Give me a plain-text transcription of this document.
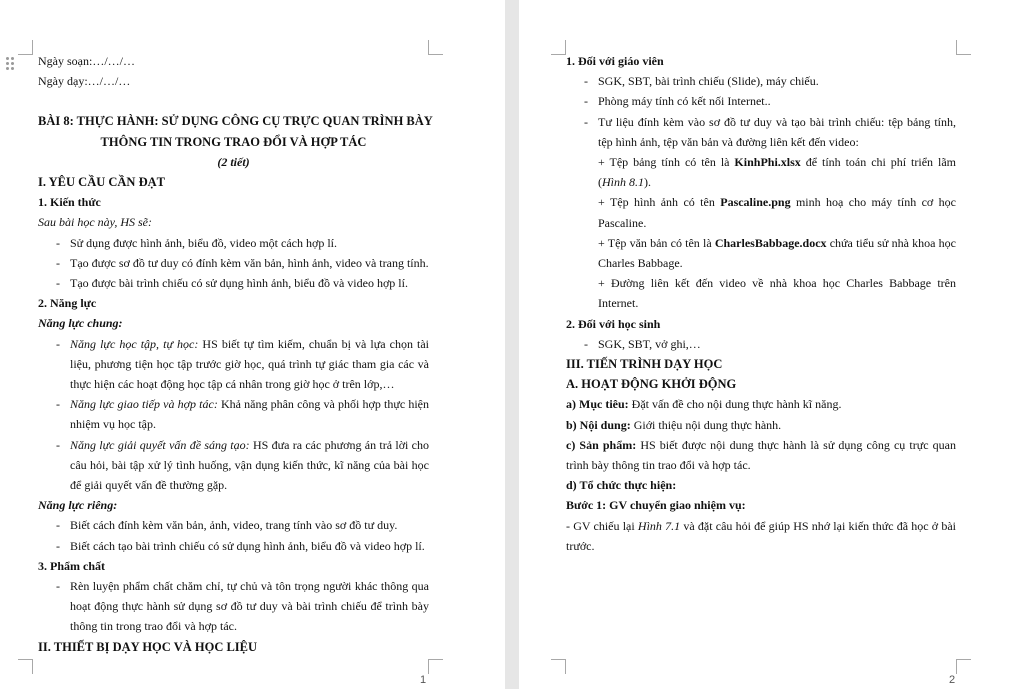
Ngày soạn:…/…/…
Ngày dạy:…/…/…
BÀI 8: THỰC HÀNH: SỬ DỤNG CÔNG CỤ TRỰC QUAN TRÌNH BÀY
THÔNG TIN TRONG TRAO ĐỔI VÀ HỢP TÁC
(2 tiết)
I. YÊU CẦU CẦN ĐẠT
1. Kiến thức
Sau bài học này, HS sẽ:
- Sử dụng được hình ảnh, biểu đồ, video một cách hợp lí.
- Tạo được sơ đồ tư duy có đính kèm văn bản, hình ảnh, video và trang tính.
- Tạo được bài trình chiếu có sử dụng hình ảnh, biểu đồ và video hợp lí.
2. Năng lực
Năng lực chung:
- Năng lực học tập, tự học: HS biết tự tìm kiếm, chuẩn bị và lựa chọn tài liệu, phương tiện học tập trước giờ học, quá trình tự giác tham gia các và thực hiện các hoạt động học tập cá nhân trong giờ học ở trên lớp,…
- Năng lực giao tiếp và hợp tác: Khả năng phân công và phối hợp thực hiện nhiệm vụ học tập.
- Năng lực giải quyết vấn đề sáng tạo: HS đưa ra các phương án trả lời cho câu hỏi, bài tập xử lý tình huống, vận dụng kiến thức, kĩ năng của bài học để giải quyết vấn đề thường gặp.
Năng lực riêng:
- Biết cách đính kèm văn bản, ảnh, video, trang tính vào sơ đồ tư duy.
- Biết cách tạo bài trình chiếu có sử dụng hình ảnh, biểu đồ và video hợp lí.
3. Phẩm chất
- Rèn luyện phẩm chất chăm chỉ, tự chủ và tôn trọng người khác thông qua hoạt động thực hành sử dụng sơ đồ tư duy và bài trình chiếu để trình bày thông tin trong trao đổi và hợp tác.
II. THIẾT BỊ DẠY HỌC VÀ HỌC LIỆU
1
1. Đối với giáo viên
- SGK, SBT, bài trình chiếu (Slide), máy chiếu.
- Phòng máy tính có kết nối Internet..
- Tư liệu đính kèm vào sơ đồ tư duy và tạo bài trình chiếu: tệp bảng tính, tệp hình ảnh, tệp văn bản và đường liên kết đến video:
+ Tệp bảng tính có tên là KinhPhi.xlsx để tính toán chi phí triển lãm (Hình 8.1).
+ Tệp hình ảnh có tên Pascaline.png minh hoạ cho máy tính cơ học Pascaline.
+ Tệp văn bản có tên là CharlesBabbage.docx chứa tiểu sử nhà khoa học Charles Babbage.
+ Đường liên kết đến video về nhà khoa học Charles Babbage trên Internet.
2. Đối với học sinh
- SGK, SBT, vở ghi,…
III. TIẾN TRÌNH DẠY HỌC
A. HOẠT ĐỘNG KHỞI ĐỘNG
a) Mục tiêu: Đặt vấn đề cho nội dung thực hành kĩ năng.
b) Nội dung: Giới thiệu nội dung thực hành.
c) Sản phẩm: HS biết được nội dung thực hành là sử dụng công cụ trực quan trình bày thông tin trao đổi và hợp tác.
d) Tổ chức thực hiện:
Bước 1: GV chuyển giao nhiệm vụ:
- GV chiếu lại Hình 7.1 và đặt câu hỏi để giúp HS nhớ lại kiến thức đã học ở bài trước.
2
